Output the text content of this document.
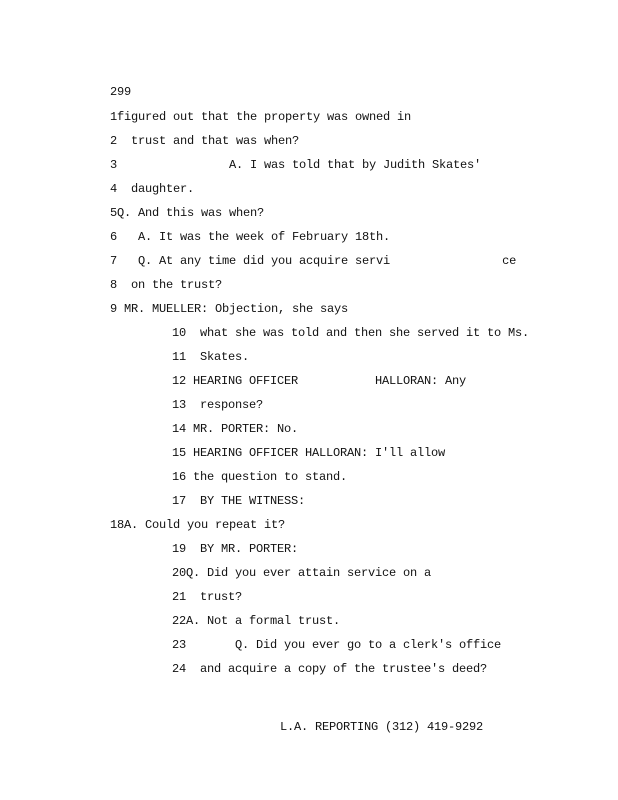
299
1figured out that the property was owned in
2  trust and that was when?
3                A. I was told that by Judith Skates'
4  daughter.
5Q. And this was when?
6   A. It was the week of February 18th.
7   Q. At any time did you acquire servi                ce
8  on the trust?
9 MR. MUELLER: Objection, she says
10  what she was told and then she served it to Ms.
11  Skates.
12 HEARING OFFICER           HALLORAN: Any
13  response?
14 MR. PORTER: No.
15 HEARING OFFICER HALLORAN: I'll allow
16 the question to stand.
17  BY THE WITNESS:
18A. Could you repeat it?
19  BY MR. PORTER:
20Q. Did you ever attain service on a
21  trust?
22A. Not a formal trust.
23       Q. Did you ever go to a clerk's office
24  and acquire a copy of the trustee's deed?
L.A. REPORTING (312) 419-9292
